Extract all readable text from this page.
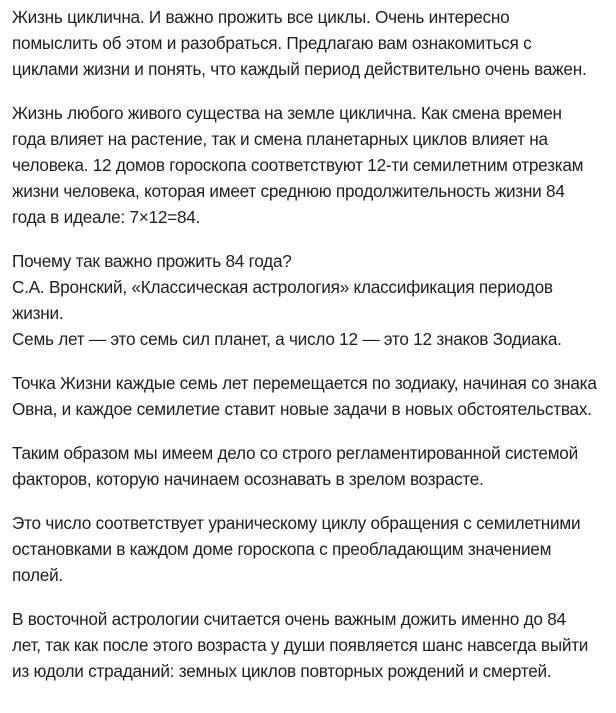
Жизнь циклична. И важно прожить все циклы. Очень интересно
помыслить об этом и разобраться. Предлагаю вам ознакомиться с
циклами жизни и понять, что каждый период действительно очень важен.

Жизнь любого живого существа на земле циклична. Как смена времен
года влияет на растение, так и смена планетарных циклов влияет на
человека. 12 домов гороскопа соответствуют 12-ти семилетним отрезкам
жизни человека, которая имеет среднюю продолжительность жизни 84
года в идеале: 7×12=84.

Почему так важно прожить 84 года?
С.А. Вронский, «Классическая астрология» классификация периодов
жизни.
Семь лет — это семь сил планет, а число 12 — это 12 знаков Зодиака.

Точка Жизни каждые семь лет перемещается по зодиаку, начиная со знака
Овна, и каждое семилетие ставит новые задачи в новых обстоятельствах.

Таким образом мы имеем дело со строго регламентированной системой
факторов, которую начинаем осознавать в зрелом возрасте.

Это число соответствует ураническому циклу обращения с семилетними
остановками в каждом доме гороскопа с преобладающим значением
полей.

В восточной астрологии считается очень важным дожить именно до 84
лет, так как после этого возраста у души появляется шанс навсегда выйти
из юдоли страданий: земных циклов повторных рождений и смертей.
